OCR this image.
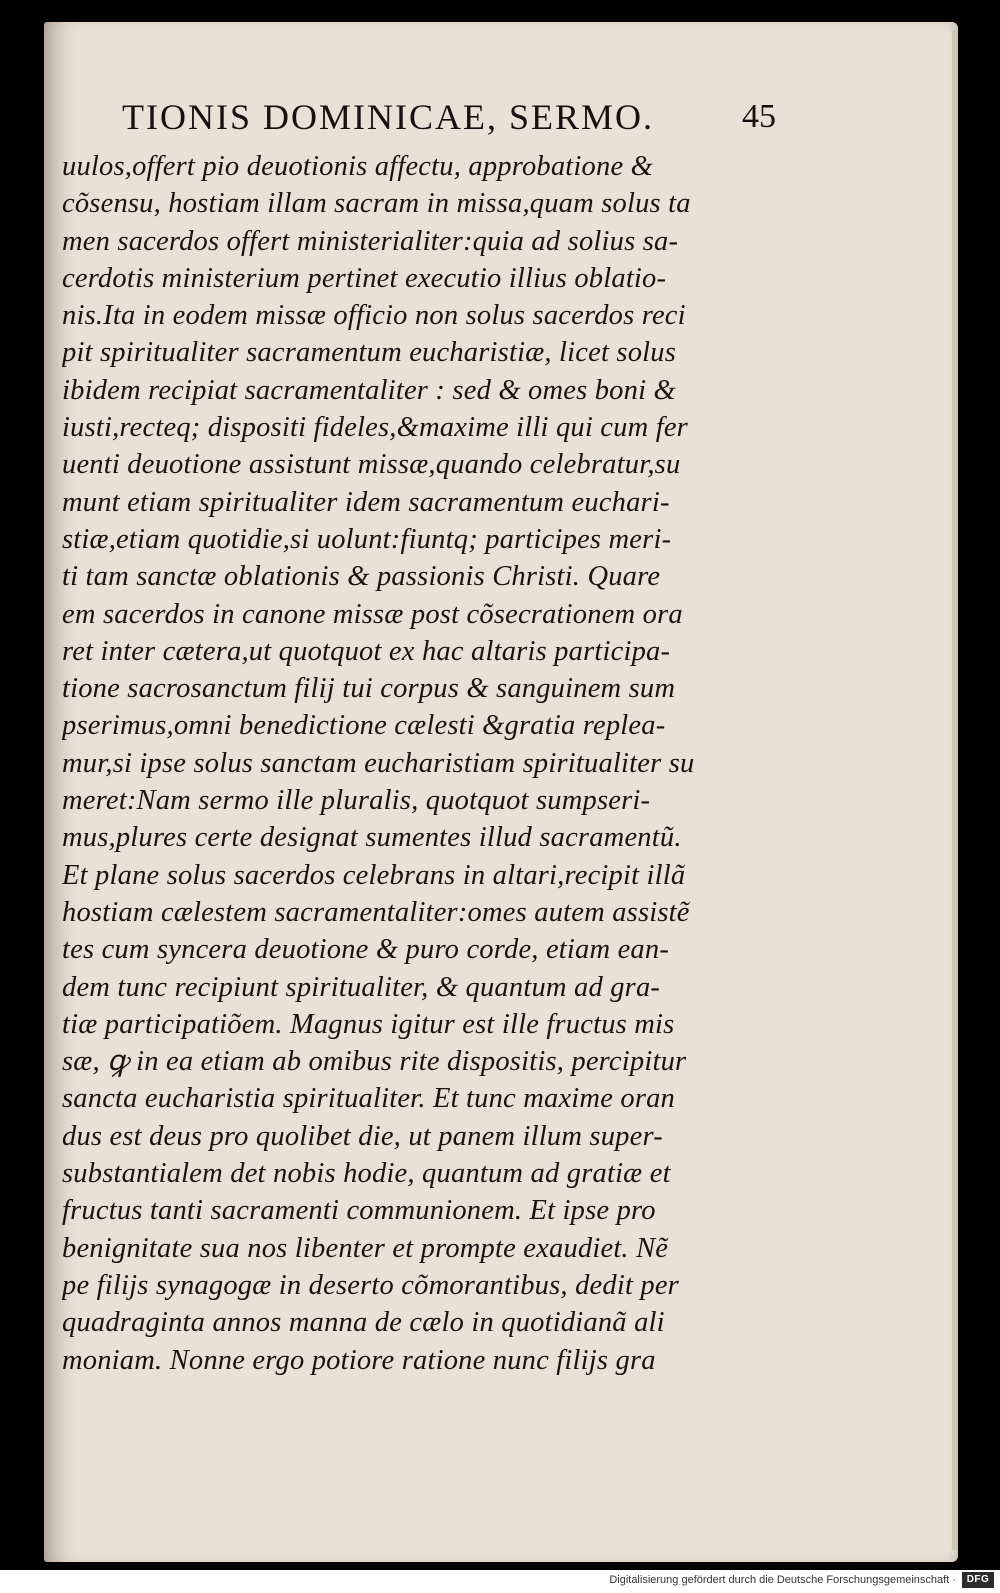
TIONIS DOMINICAE, SERMO.	45
uulos,offert pio deuotionis affectu, approbatione &
cõsensu, hostiam illam sacram in missa,quam solus ta
men sacerdos offert ministerialiter:quia ad solius sa-
cerdotis ministerium pertinet executio illius oblatio-
nis.Ita in eodem missæ officio non solus sacerdos reci
pit spiritualiter sacramentum eucharistiæ, licet solus
ibidem recipiat sacramentaliter : sed & omes boni &
iusti,recteq; dispositi fideles,&maxime illi qui cum fer
uenti deuotione assistunt missæ,quando celebratur,su
munt etiam spiritualiter idem sacramentum euchari-
stiæ,etiam quotidie,si uolunt:fiuntq; participes meri-
ti tam sanctæ oblationis & passionis Christi. Quare
em sacerdos in canone missæ post cõsecrationem ora
ret inter cætera,ut quotquot ex hac altaris participa-
tione sacrosanctum filij tui corpus & sanguinem sum
pserimus,omni benedictione cælesti &gratia repleа-
mur,si ipse solus sanctam eucharistiam spiritualiter su
meret:Nam sermo ille pluralis, quotquot sumpseri-
mus,plures certe designat sumentes illud sacramentũ.
Et plane solus sacerdos celebrans in altari,recipit illã
hostiam cælestem sacramentaliter:omes autem assistẽ
tes cum syncera deuotione & puro corde, etiam ean-
dem tunc recipiunt spiritualiter, & quantum ad gra-
tiæ participatiõem. Magnus igitur est ille fructus mis
sæ, ꝙ in ea etiam ab omibus rite dispositis, percipitur
sancta eucharistia spiritualiter. Et tunc maxime oran
dus est deus pro quolibet die, ut panem illum super-
substantialem det nobis hodie, quantum ad gratiæ et
fructus tanti sacramenti communionem. Et ipse pro
benignitate sua nos libenter et prompte exaudiet. Nẽ
pe filijs synagogæ in deserto cõmorantibus, dedit per
quadraginta annos manna de cælo in quotidianã ali
moniam. Nonne ergo potiore ratione nunc filijs gra
Digitalisierung gefördert durch die Deutsche Forschungsgemeinschaft ·	DFG
